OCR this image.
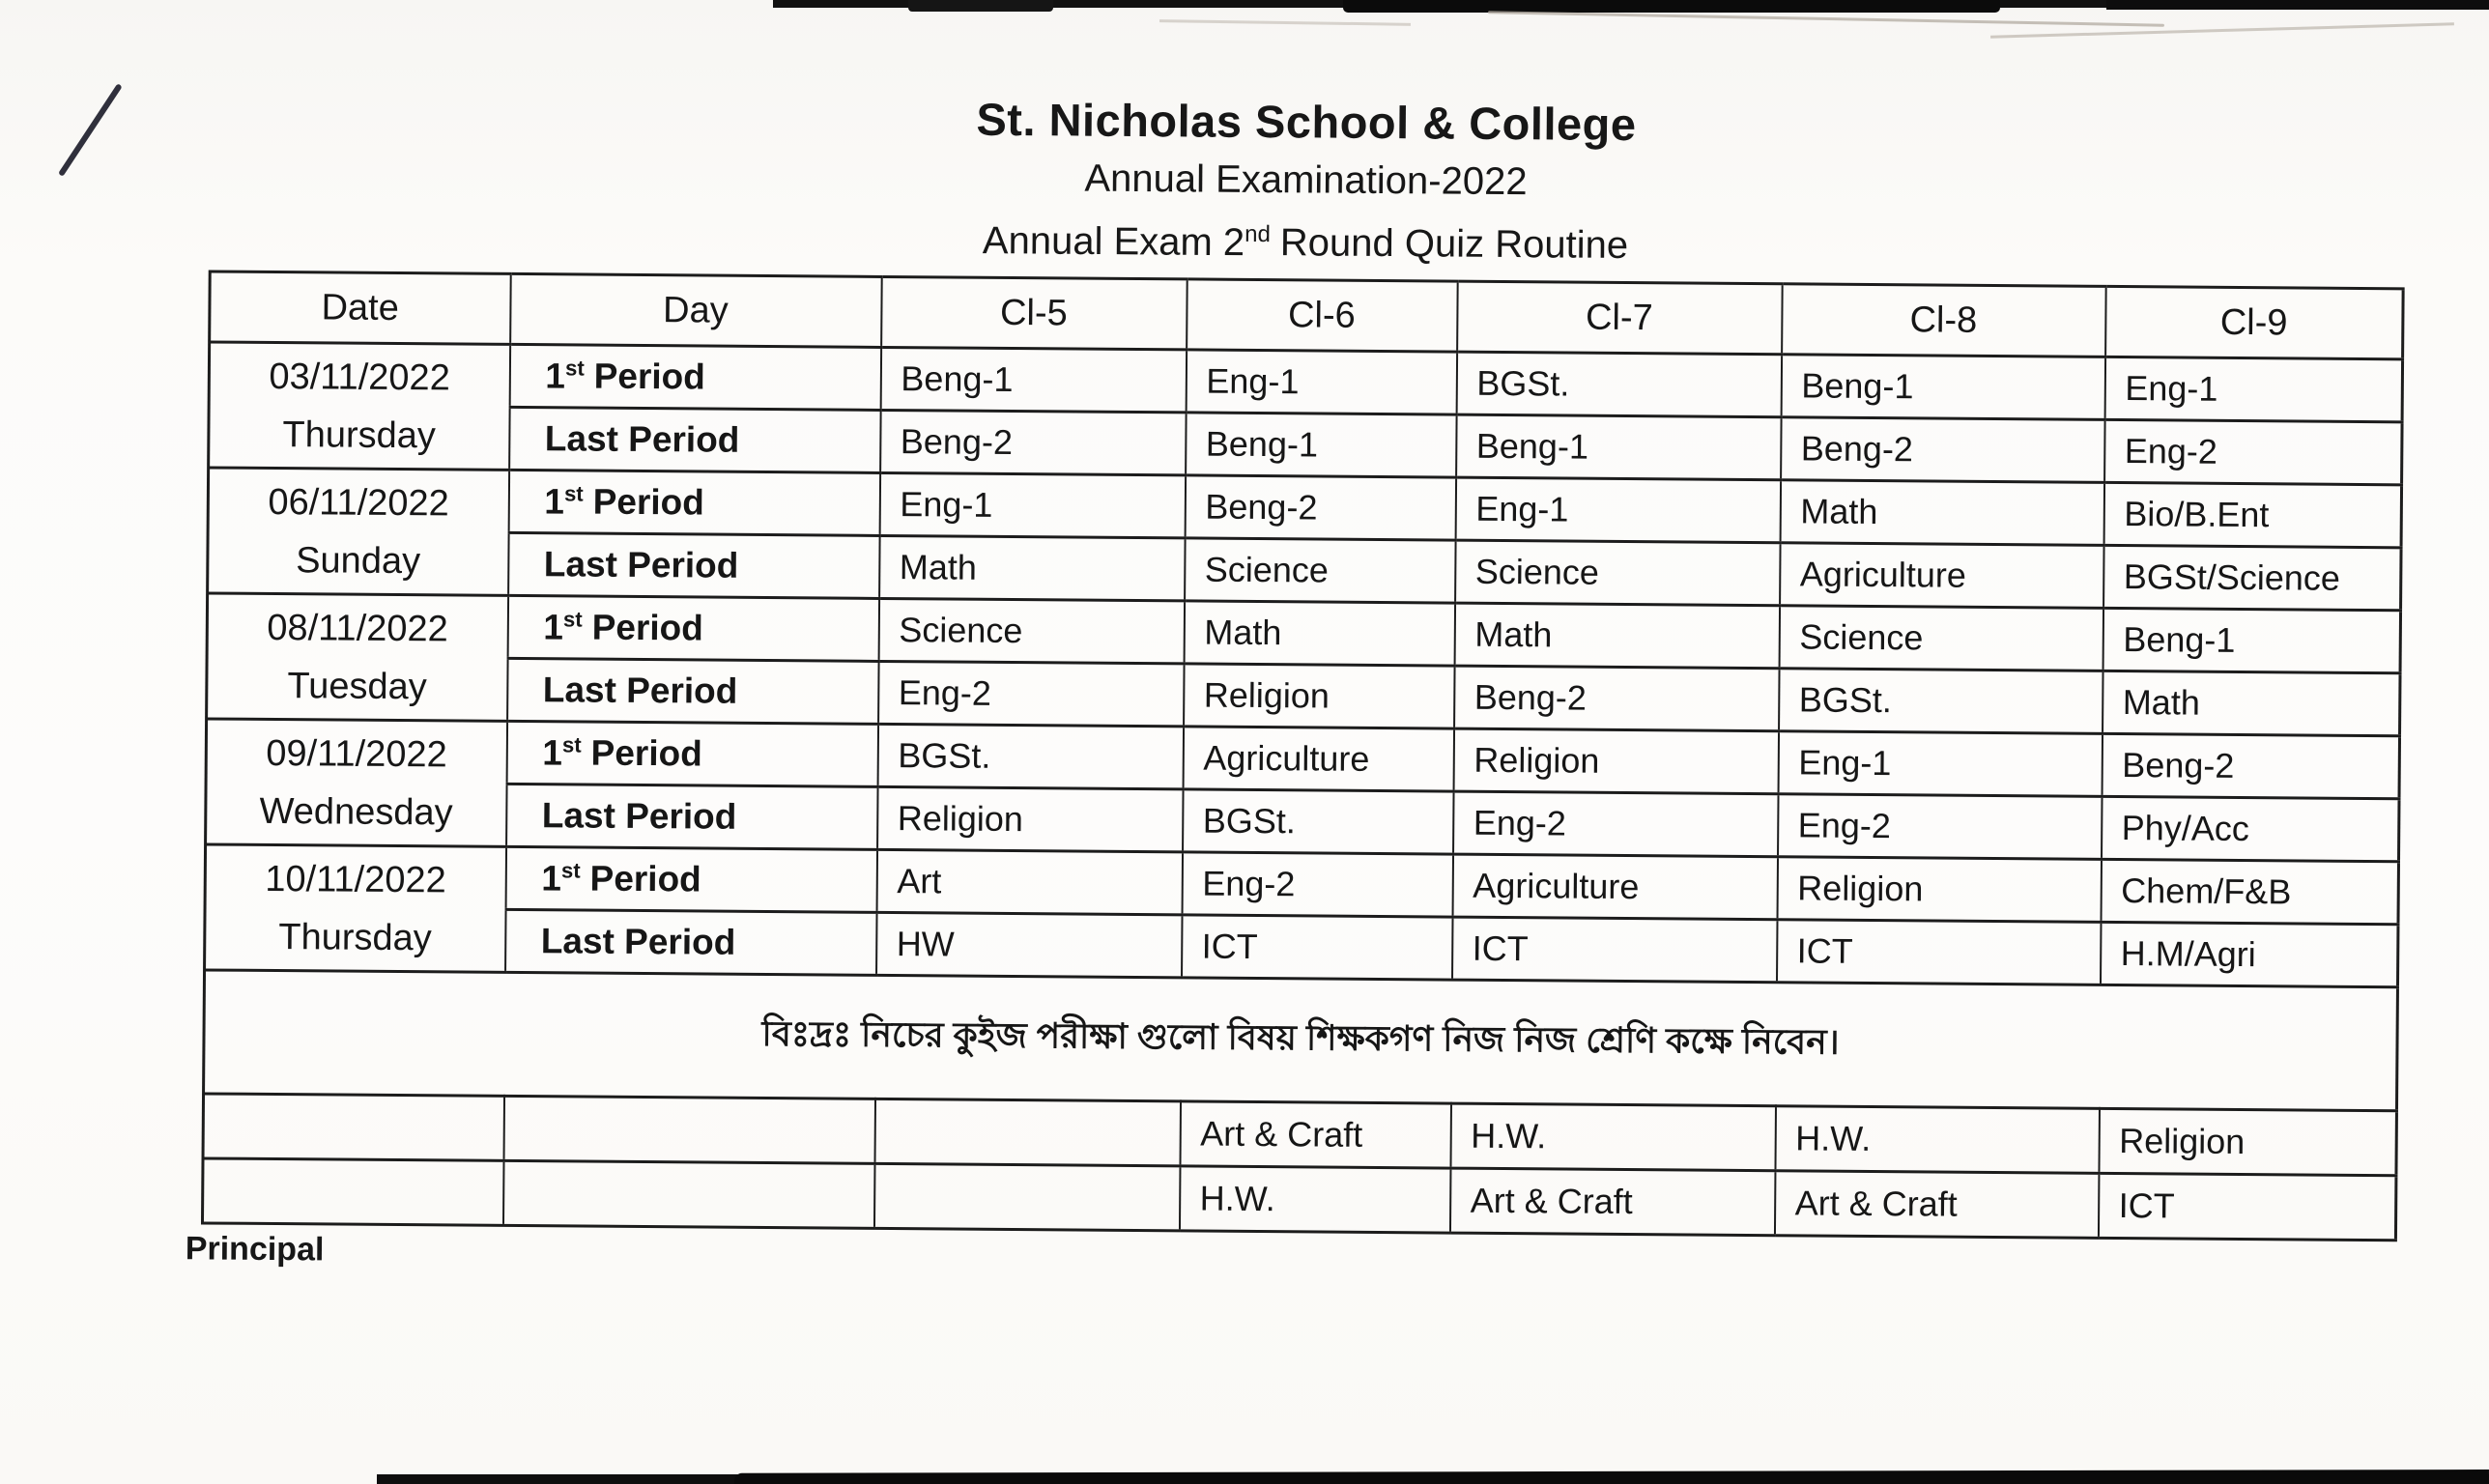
St. Nicholas School & College
Annual Examination-2022
Annual Exam 2nd Round Quiz Routine
Date	Day	Cl-5	Cl-6	Cl-7	Cl-8	Cl-9

03/11/2022
Thursday	1st Period	Beng-1	Eng-1	BGSt.	Beng-1	Eng-1
	Last Period	Beng-2	Beng-1	Beng-1	Beng-2	Eng-2

06/11/2022
Sunday	1st Period	Eng-1	Beng-2	Eng-1	Math	Bio/B.Ent
	Last Period	Math	Science	Science	Agriculture	BGSt/Science

08/11/2022
Tuesday	1st Period	Science	Math	Math	Science	Beng-1
	Last Period	Eng-2	Religion	Beng-2	BGSt.	Math

09/11/2022
Wednesday	1st Period	BGSt.	Agriculture	Religion	Eng-1	Beng-2
	Last Period	Religion	BGSt.	Eng-2	Eng-2	Phy/Acc

10/11/2022
Thursday	1st Period	Art	Eng-2	Agriculture	Religion	Chem/F&B
	Last Period	HW	ICT	ICT	ICT	H.M/Agri
বিঃদ্রঃ নিচের কুইজ পরীক্ষা গুলো বিষয় শিক্ষকগণ নিজ নিজ শ্রেণি কক্ষে নিবেন।						
			Art & Craft	H.W.	H.W.	Religion
			H.W.	Art & Craft	Art & Craft	ICT
Principal
